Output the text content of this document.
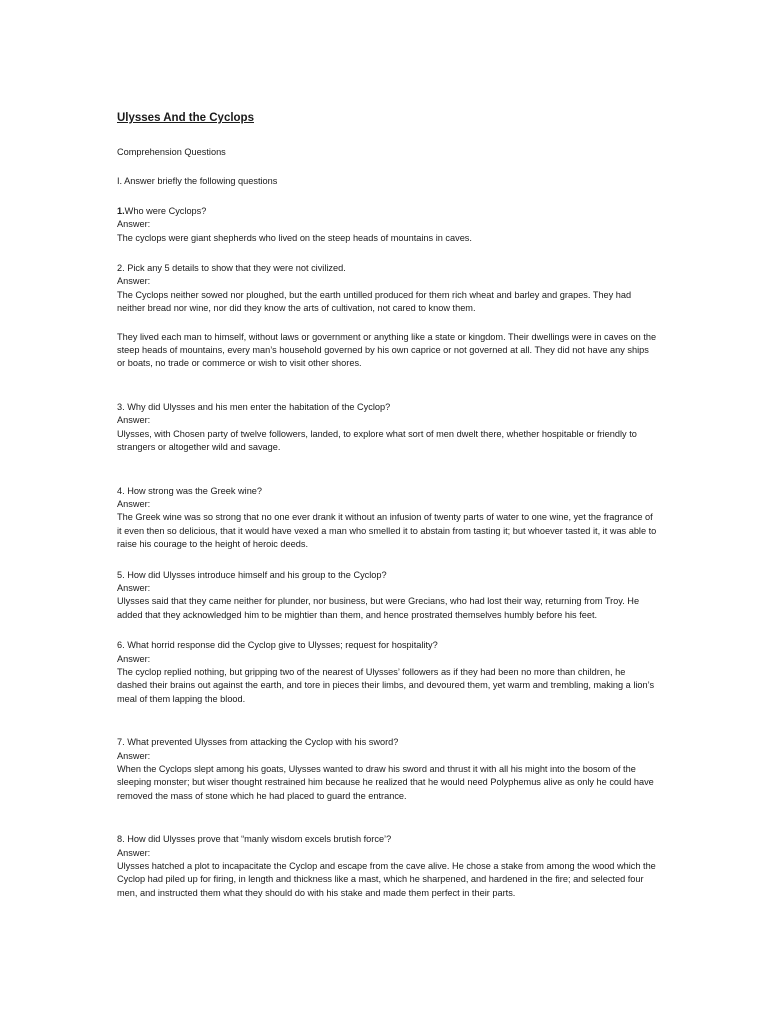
Ulysses And the Cyclops
Comprehension Questions
I. Answer briefly the following questions

1.Who were Cyclops?

Answer:

The cyclops were giant shepherds who lived on the steep heads of mountains in caves.

2. Pick any 5 details to show that they were not civilized.

Answer:

The Cyclops neither sowed nor ploughed, but the earth untilled produced for them rich wheat and barley and grapes. They had neither bread nor wine, nor did they know the arts of cultivation, not cared to know them.

They lived each man to himself, without laws or government or anything like a state or kingdom. Their dwellings were in caves on the steep heads of mountains, every man’s household governed by his own caprice or not governed at all. They did not have any ships or boats, no trade or commerce or wish to visit other shores.

3. Why did Ulysses and his men enter the habitation of the Cyclop?

Answer:

Ulysses, with Chosen party of twelve followers, landed, to explore what sort of men dwelt there, whether hospitable or friendly to strangers or altogether wild and savage.

4. How strong was the Greek wine?

Answer:

The Greek wine was so strong that no one ever drank it without an infusion of twenty parts of water to one wine, yet the fragrance of it even then so delicious, that it would have vexed a man who smelled it to abstain from tasting it; but whoever tasted it, it was able to raise his courage to the height of heroic deeds.

5. How did Ulysses introduce himself and his group to the Cyclop?

Answer:

Ulysses said that they came neither for plunder, nor business, but were Grecians, who had lost their way, returning from Troy. He added that they acknowledged him to be mightier than them, and hence prostrated themselves humbly before his feet.

6. What horrid response did the Cyclop give to Ulysses; request for hospitality?

Answer:

The cyclop replied nothing, but gripping two of the nearest of Ulysses’ followers as if they had been no more than children, he dashed their brains out against the earth, and tore in pieces their limbs, and devoured them, yet warm and trembling, making a lion’s meal of them lapping the blood.

7. What prevented Ulysses from attacking the Cyclop with his sword?

Answer:

When the Cyclops slept among his goats, Ulysses wanted to draw his sword and thrust it with all his might into the bosom of the sleeping monster; but wiser thought restrained him because he realized that he would need Polyphemus alive as only he could have removed the mass of stone which he had placed to guard the entrance.

8. How did Ulysses prove that “manly wisdom excels brutish force’?

Answer:

Ulysses hatched a plot to incapacitate the Cyclop and escape from the cave alive. He chose a stake from among the wood which the Cyclop had piled up for firing, in length and thickness like a mast, which he sharpened, and hardened in the fire; and selected four men, and instructed them what they should do with his stake and made them perfect in their parts.
